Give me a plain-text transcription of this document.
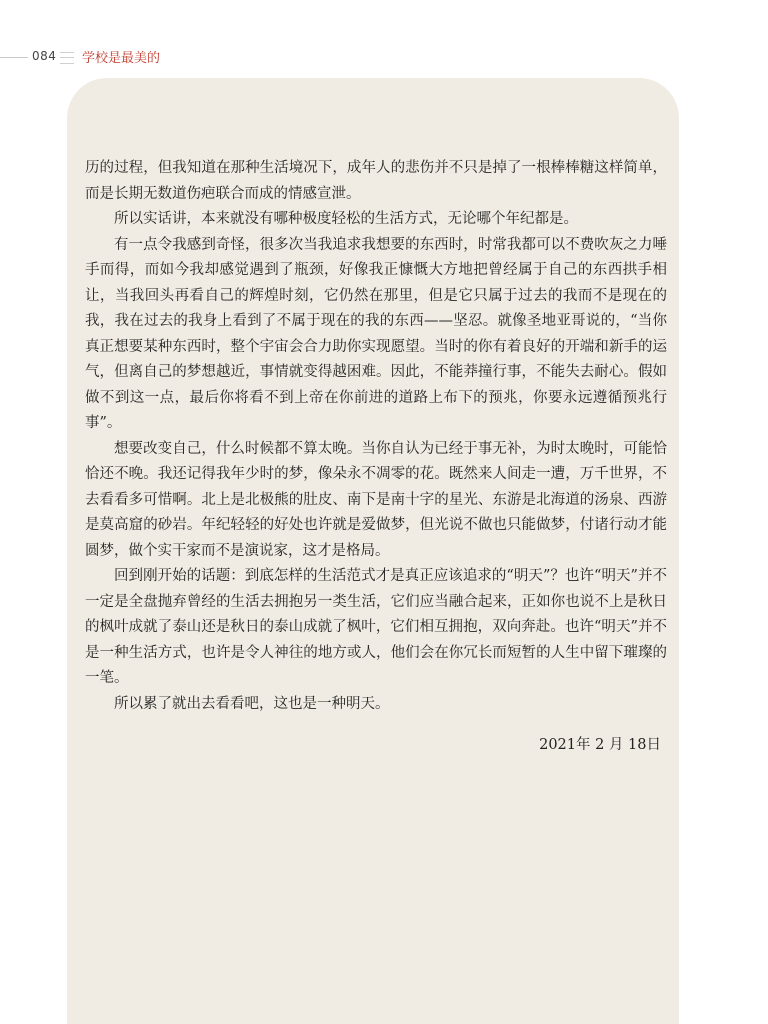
084 学校是最美的

历的过程，但我知道在那种生活境况下，成年人的悲伤并不只是掉了一根棒棒糖这样简单，而是长期无数道伤疤联合而成的情感宣泄。

所以实话讲，本来就没有哪种极度轻松的生活方式，无论哪个年纪都是。

有一点令我感到奇怪，很多次当我追求我想要的东西时，时常我都可以不费吹灰之力唾手而得，而如今我却感觉遇到了瓶颈，好像我正慷慨大方地把曾经属于自己的东西拱手相让，当我回头再看自己的辉煌时刻，它仍然在那里，但是它只属于过去的我而不是现在的我，我在过去的我身上看到了不属于现在的我的东西——坚忍。就像圣地亚哥说的，“当你真正想要某种东西时，整个宇宙会合力助你实现愿望。当时的你有着良好的开端和新手的运气，但离自己的梦想越近，事情就变得越困难。因此，不能莽撞行事，不能失去耐心。假如做不到这一点，最后你将看不到上帝在你前进的道路上布下的预兆，你要永远遵循预兆行事”。

想要改变自己，什么时候都不算太晚。当你自认为已经于事无补，为时太晚时，可能恰恰还不晚。我还记得我年少时的梦，像朵永不凋零的花。既然来人间走一遭，万千世界，不去看看多可惜啊。北上是北极熊的肚皮、南下是南十字的星光、东游是北海道的汤泉、西游是莫高窟的砂岩。年纪轻轻的好处也许就是爱做梦，但光说不做也只能做梦，付诸行动才能圆梦，做个实干家而不是演说家，这才是格局。

回到刚开始的话题：到底怎样的生活范式才是真正应该追求的“明天”？也许“明天”并不一定是全盘抛弃曾经的生活去拥抱另一类生活，它们应当融合起来，正如你也说不上是秋日的枫叶成就了泰山还是秋日的泰山成就了枫叶，它们相互拥抱，双向奔赴。也许“明天”并不是一种生活方式，也许是令人神往的地方或人，他们会在你冗长而短暂的人生中留下璀璨的一笔。

所以累了就出去看看吧，这也是一种明天。

2021年 2 月 18日
